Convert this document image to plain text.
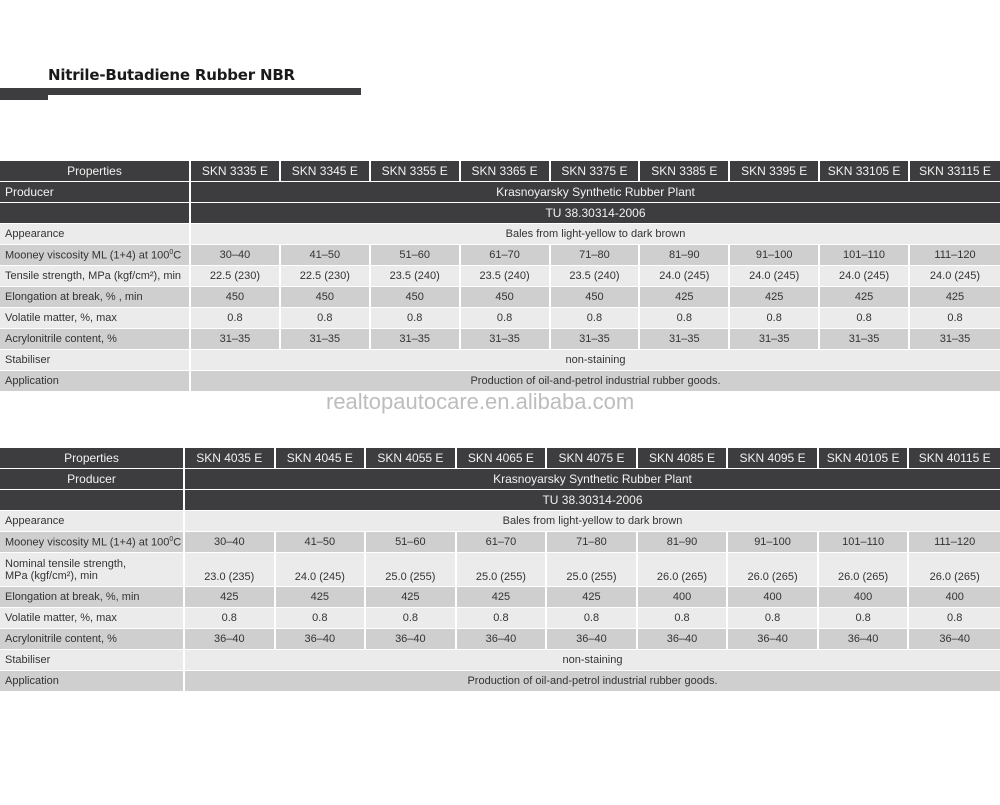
Nitrile-Butadiene Rubber NBR
Properties	SKN 3335 E	SKN 3345 E	SKN 3355 E	SKN 3365 E	SKN 3375 E	SKN 3385 E	SKN 3395 E	SKN 33105 E	SKN 33115 E
Producer	Krasnoyarsky Synthetic Rubber Plant								
	TU 38.30314-2006								
Appearance	Bales from light-yellow to dark brown								
Mooney viscosity ML (1+4) at $100^0C$	30–40	41–50	51–60	61–70	71–80	81–90	91–100	101–110	111–120
Tensile strength, MPa (kgf/cm²), min	22.5 (230)	22.5 (230)	23.5 (240)	23.5 (240)	23.5 (240)	24.0 (245)	24.0 (245)	24.0 (245)	24.0 (245)
Elongation at break, % , min	450	450	450	450	450	425	425	425	425
Volatile matter, %, max	0.8	0.8	0.8	0.8	0.8	0.8	0.8	0.8	0.8
Acrylonitrile content, %	31–35	31–35	31–35	31–35	31–35	31–35	31–35	31–35	31–35
Stabiliser	non-staining								
Application	Production of oil-and-petrol industrial rubber goods.								
realtopautocare.en.alibaba.com
Properties	SKN 4035 E	SKN 4045 E	SKN 4055 E	SKN 4065 E	SKN 4075 E	SKN 4085 E	SKN 4095 E	SKN 40105 E	SKN 40115 E
Producer	Krasnoyarsky Synthetic Rubber Plant								
	TU 38.30314-2006								
Appearance	Bales from light-yellow to dark brown								
Mooney viscosity ML (1+4) at $100^0C$	30–40	41–50	51–60	61–70	71–80	81–90	91–100	101–110	111–120
Nominal tensile strength,
MPa (kgf/cm²), min	23.0 (235)	24.0 (245)	25.0 (255)	25.0 (255)	25.0 (255)	26.0 (265)	26.0 (265)	26.0 (265)	26.0 (265)
Elongation at break, %, min	425	425	425	425	425	400	400	400	400
Volatile matter, %, max	0.8	0.8	0.8	0.8	0.8	0.8	0.8	0.8	0.8
Acrylonitrile content, %	36–40	36–40	36–40	36–40	36–40	36–40	36–40	36–40	36–40
Stabiliser	non-staining								
Application	Production of oil-and-petrol industrial rubber goods.								
